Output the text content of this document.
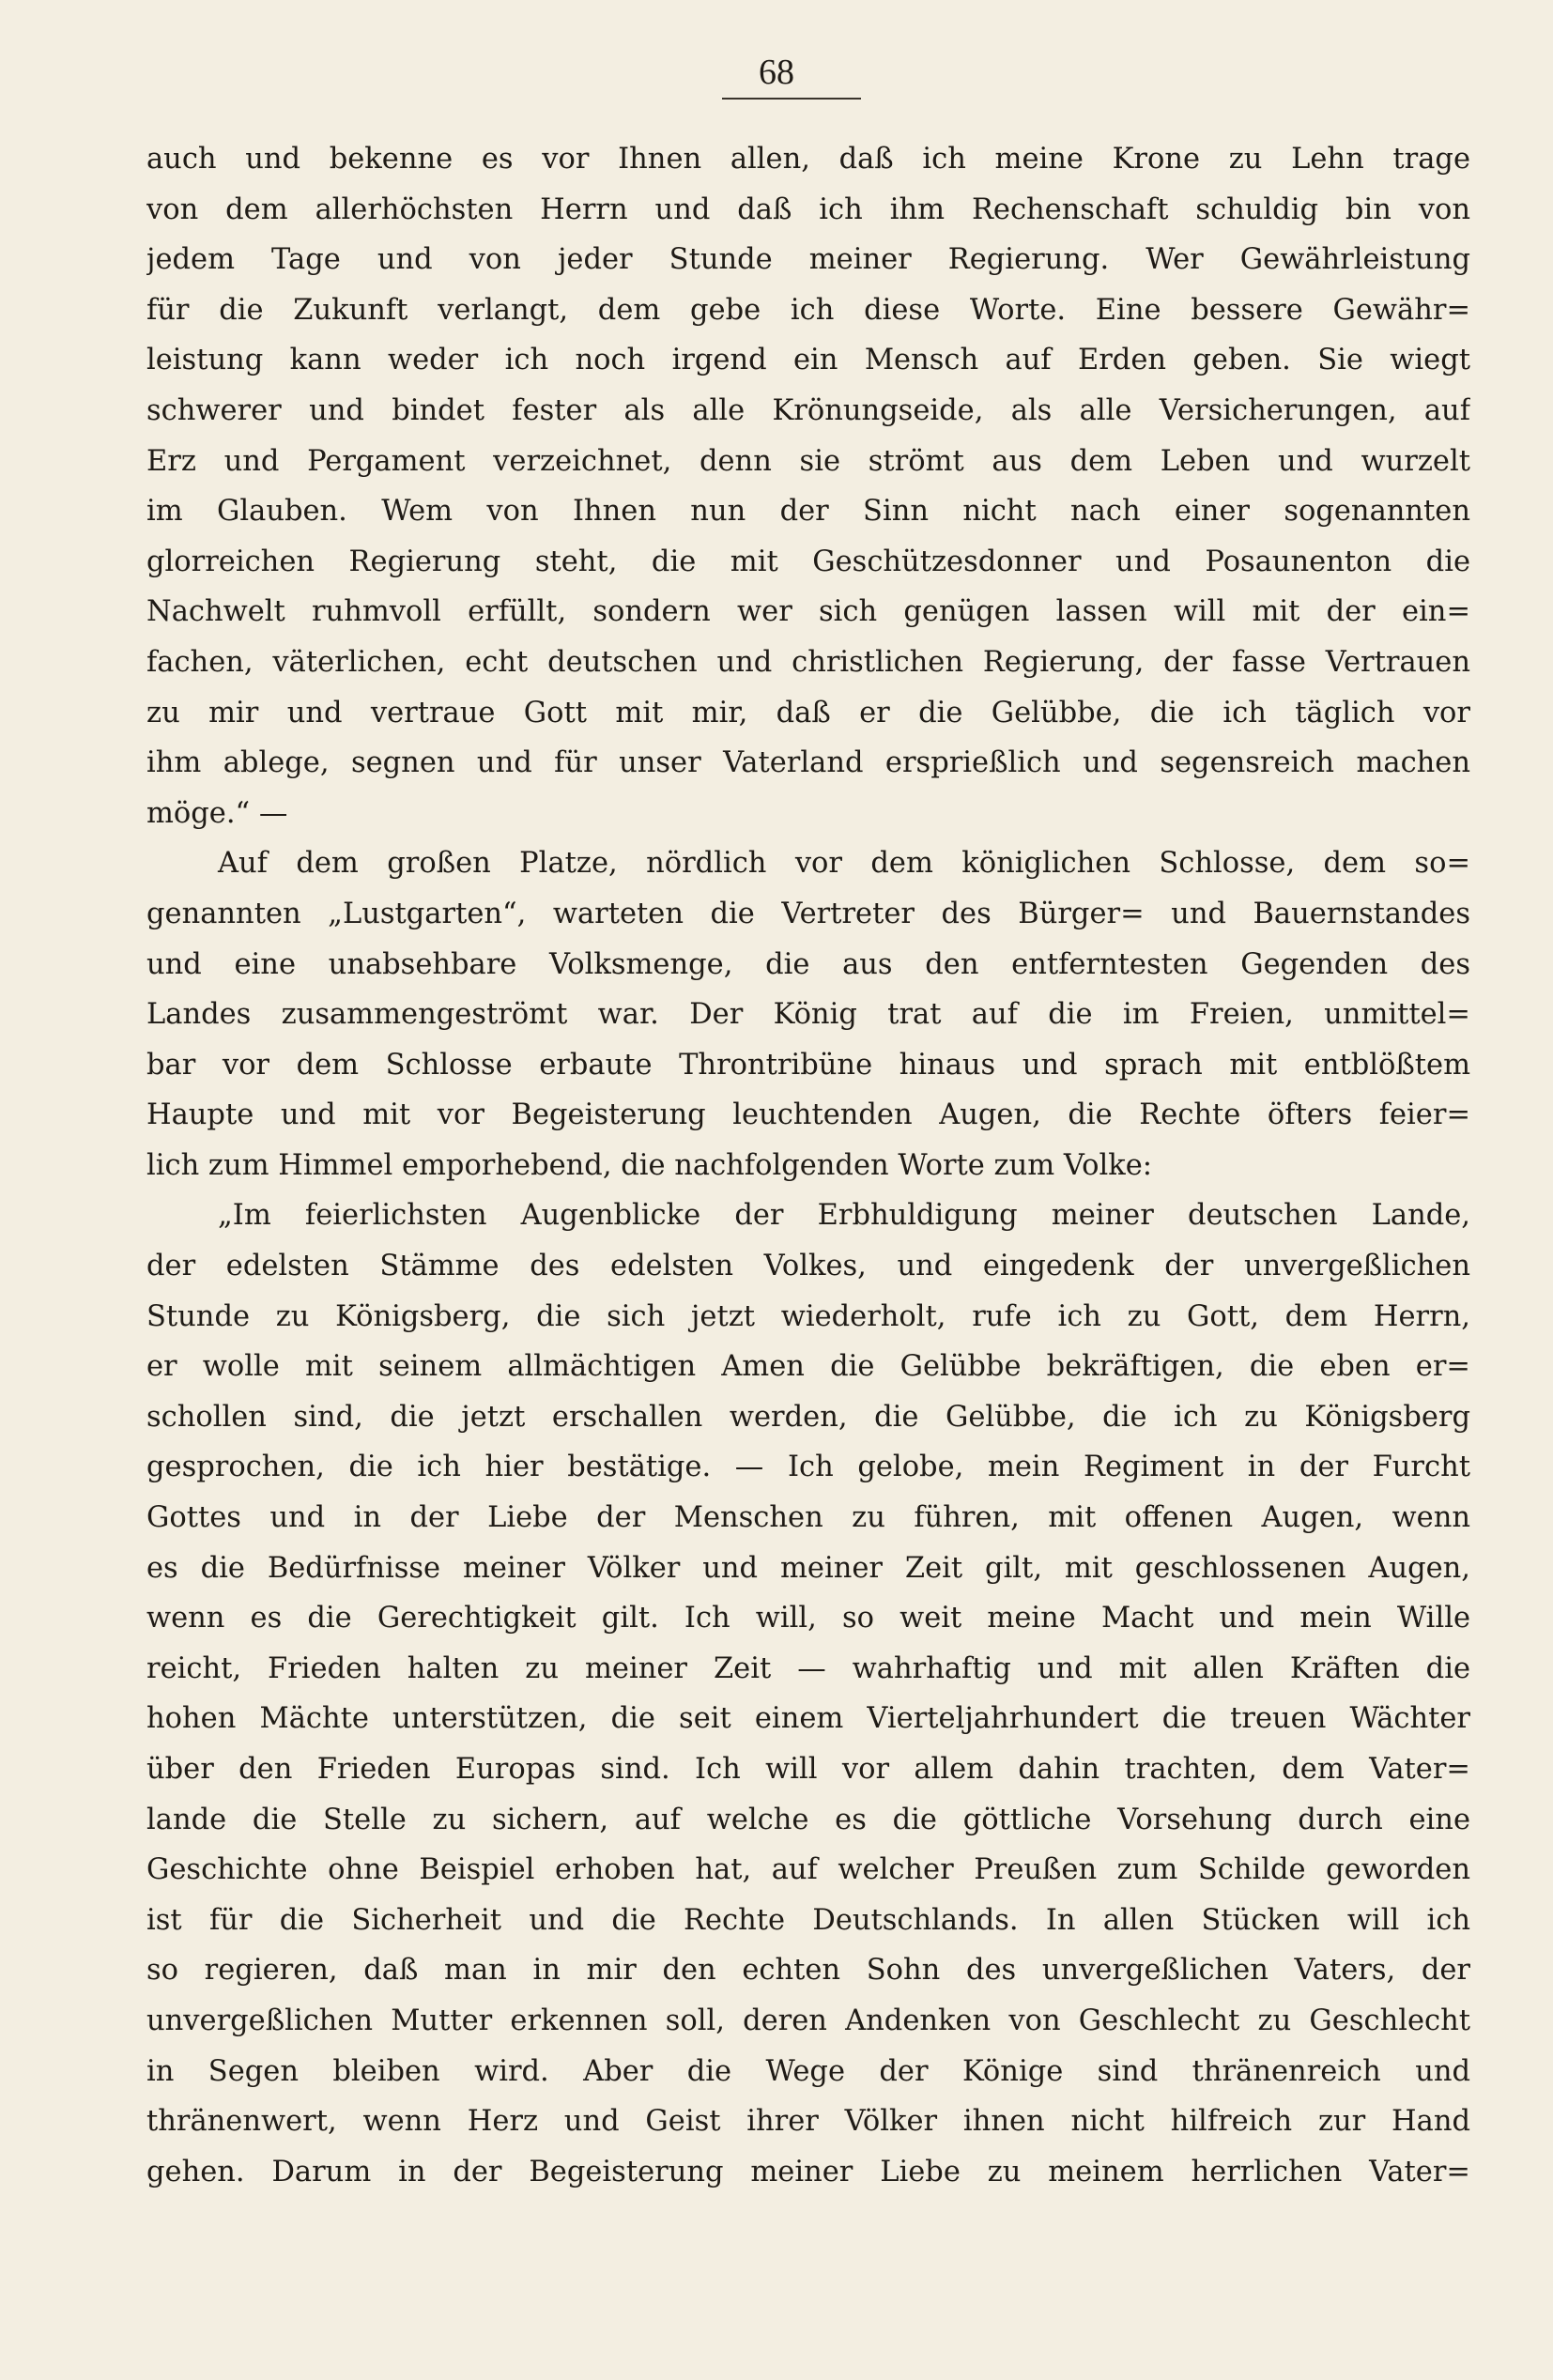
68
auch und bekenne es vor Ihnen allen, daß ich meine Krone zu Lehn trage
von dem allerhöchsten Herrn und daß ich ihm Rechenschaft schuldig bin von
jedem Tage und von jeder Stunde meiner Regierung. Wer Gewährleistung
für die Zukunft verlangt, dem gebe ich diese Worte. Eine bessere Gewähr=
leistung kann weder ich noch irgend ein Mensch auf Erden geben. Sie wiegt
schwerer und bindet fester als alle Krönungseide, als alle Versicherungen, auf
Erz und Pergament verzeichnet, denn sie strömt aus dem Leben und wurzelt
im Glauben. Wem von Ihnen nun der Sinn nicht nach einer sogenannten
glorreichen Regierung steht, die mit Geschützesdonner und Posaunenton die
Nachwelt ruhmvoll erfüllt, sondern wer sich genügen lassen will mit der ein=
fachen, väterlichen, echt deutschen und christlichen Regierung, der fasse Vertrauen
zu mir und vertraue Gott mit mir, daß er die Gelübbe, die ich täglich vor
ihm ablege, segnen und für unser Vaterland ersprießlich und segensreich machen
möge.“ —
Auf dem großen Platze, nördlich vor dem königlichen Schlosse, dem so=
genannten „Lustgarten“, warteten die Vertreter des Bürger= und Bauernstandes
und eine unabsehbare Volksmenge, die aus den entferntesten Gegenden des
Landes zusammengeströmt war. Der König trat auf die im Freien, unmittel=
bar vor dem Schlosse erbaute Throntribüne hinaus und sprach mit entblößtem
Haupte und mit vor Begeisterung leuchtenden Augen, die Rechte öfters feier=
lich zum Himmel emporhebend, die nachfolgenden Worte zum Volke:
„Im feierlichsten Augenblicke der Erbhuldigung meiner deutschen Lande,
der edelsten Stämme des edelsten Volkes, und eingedenk der unvergeßlichen
Stunde zu Königsberg, die sich jetzt wiederholt, rufe ich zu Gott, dem Herrn,
er wolle mit seinem allmächtigen Amen die Gelübbe bekräftigen, die eben er=
schollen sind, die jetzt erschallen werden, die Gelübbe, die ich zu Königsberg
gesprochen, die ich hier bestätige. — Ich gelobe, mein Regiment in der Furcht
Gottes und in der Liebe der Menschen zu führen, mit offenen Augen, wenn
es die Bedürfnisse meiner Völker und meiner Zeit gilt, mit geschlossenen Augen,
wenn es die Gerechtigkeit gilt. Ich will, so weit meine Macht und mein Wille
reicht, Frieden halten zu meiner Zeit — wahrhaftig und mit allen Kräften die
hohen Mächte unterstützen, die seit einem Vierteljahrhundert die treuen Wächter
über den Frieden Europas sind. Ich will vor allem dahin trachten, dem Vater=
lande die Stelle zu sichern, auf welche es die göttliche Vorsehung durch eine
Geschichte ohne Beispiel erhoben hat, auf welcher Preußen zum Schilde geworden
ist für die Sicherheit und die Rechte Deutschlands. In allen Stücken will ich
so regieren, daß man in mir den echten Sohn des unvergeßlichen Vaters, der
unvergeßlichen Mutter erkennen soll, deren Andenken von Geschlecht zu Geschlecht
in Segen bleiben wird. Aber die Wege der Könige sind thränenreich und
thränenwert, wenn Herz und Geist ihrer Völker ihnen nicht hilfreich zur Hand
gehen. Darum in der Begeisterung meiner Liebe zu meinem herrlichen Vater=
